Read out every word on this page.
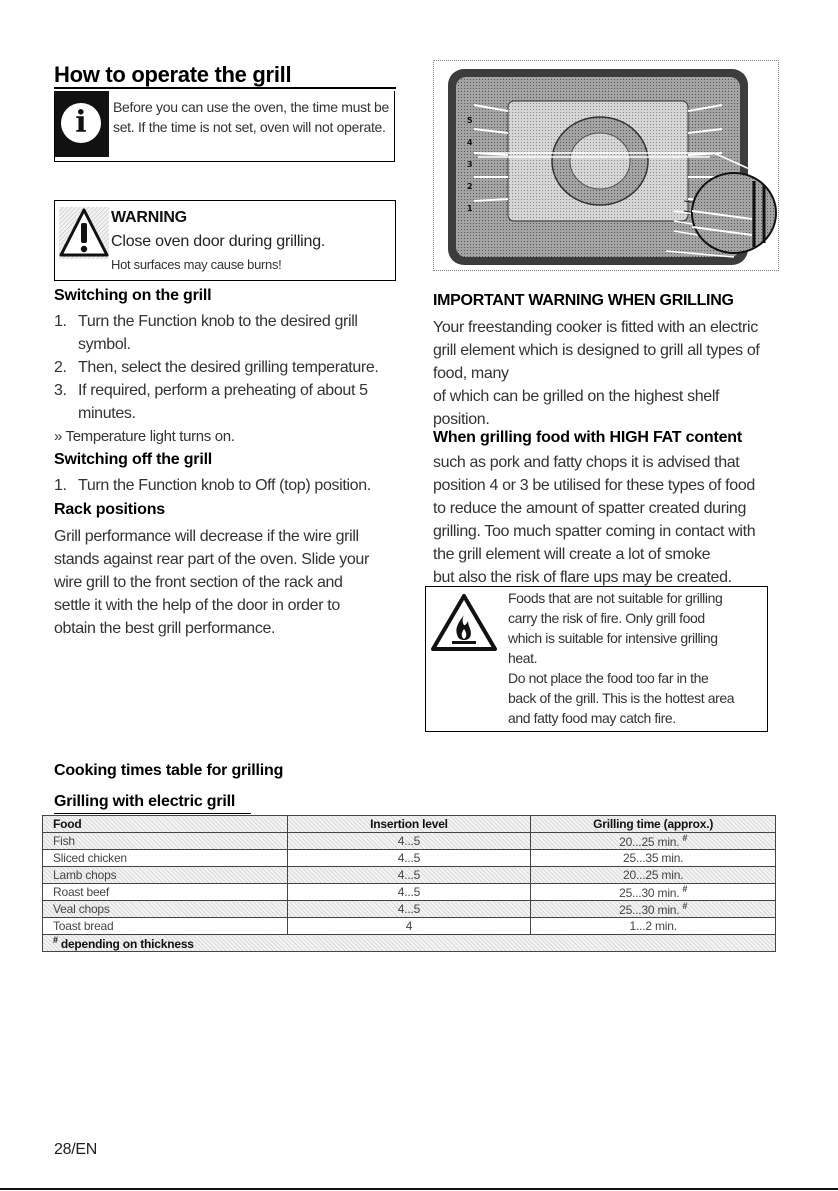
How to operate the grill
i	Before you can use the oven, the time must be set. If the time is not set, oven will not operate.
WARNING
Close oven door during grilling.
Hot surfaces may cause burns!
Switching on the grill
1. Turn the Function knob to the desired grill
symbol.
2. Then, select the desired grilling temperature.
3. If required, perform a preheating of about 5
minutes.
» Temperature light turns on.
Switching off the grill
1. Turn the Function knob to Off (top) position.
Rack positions
Grill performance will decrease if the wire grill
stands against rear part of the oven. Slide your
wire grill to the front section of the rack and
settle it with the help of the door in order to
obtain the best grill performance.
5
4
3
2
1
IMPORTANT WARNING WHEN GRILLING
Your freestanding cooker is fitted with an electric
grill element which is designed to grill all types of
food, many
of which can be grilled on the highest shelf
position.
When grilling food with HIGH FAT content
such as pork and fatty chops it is advised that
position 4 or 3 be utilised for these types of food
to reduce the amount of spatter created during
grilling. Too much spatter coming in contact with
the grill element will create a lot of smoke
but also the risk of flare ups may be created.
Foods that are not suitable for grilling
carry the risk of fire. Only grill food
which is suitable for intensive grilling
heat.
Do not place the food too far in the
back of the grill. This is the hottest area
and fatty food may catch fire.
Cooking times table for grilling
Grilling with electric grill
Food	Insertion level	Grilling time (approx.)
Fish	4...5	20...25 min. #
Sliced chicken	4...5	25...35 min.
Lamb chops	4...5	20...25 min.
Roast beef	4...5	25...30 min. #
Veal chops	4...5	25...30 min. #
Toast bread	4	1...2 min.
# depending on thickness		
28/EN
